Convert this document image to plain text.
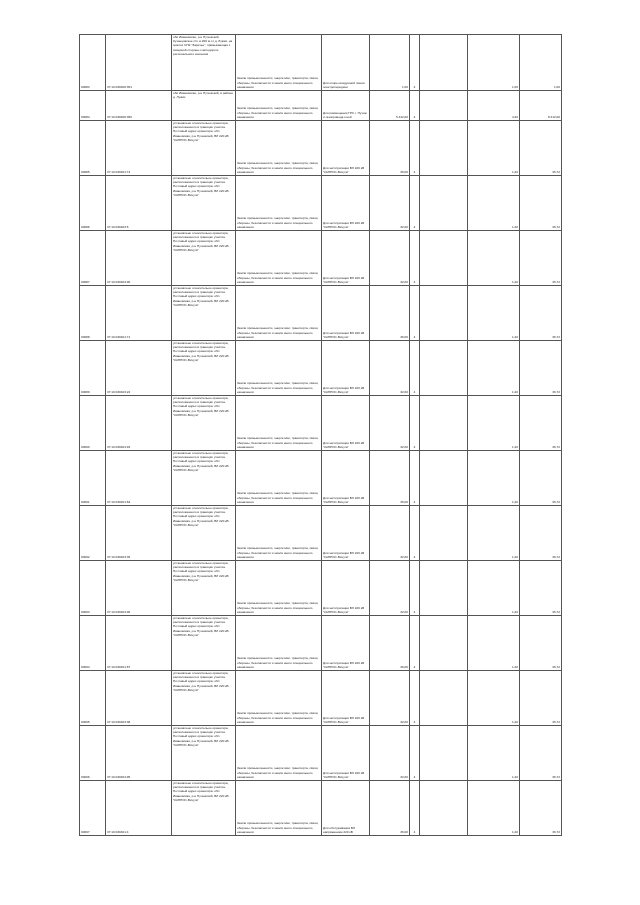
00083	37:10:030406:351	обл Ивановская, р-н Пучежский, Кузнецовское с/п, в 200 м от д. Лужки, на землях СПК "Заречье", примыкающая с северной стороны к автодороге регионального значения	Земли промышленности, энергетики, транспорта, связи, обороны, безопасности и земли иного специального назначения	Для опоры воздушной линии электропередачи	1,00	4		1,00	1,00
00084	37:10:030406:350	обл Ивановская, р-н Пучежский, в районе д. Лужки	Земли промышленности, энергетики, транспорта, связи, обороны, безопасности и земли иного специального назначения	Для размещения ГРС г. Пучеж и газопровода к ней	5 442,00	4		4,20	8 212,00
00085	37:10:030401:74	установлено относительно ориентира, расположенного в границах участка. Почтовый адрес ориентира: обл Ивановская, р-н Пучежский, ВЛ 220 кВ "КАПРОС-Вичуга"	Земли промышленности, энергетики, транспорта, связи, обороны, безопасности и земли иного специального назначения	Для эксплуатации ВЛ 220 кВ "КАПРОС-Вичуга"	36,00	4		1,20	36,72
00086	37:10:030403:6	установлено относительно ориентира, расположенного в границах участка. Почтовый адрес ориентира: обл Ивановская, р-н Пучежский, ВЛ 220 кВ "КАПРОС-Вичуга"	Земли промышленности, энергетики, транспорта, связи, обороны, безопасности и земли иного специального назначения	Для эксплуатации ВЛ 220 кВ "КАПРОС-Вичуга"	32,00	4		1,20	36,72
00087	37:10:030404:90	установлено относительно ориентира, расположенного в границах участка. Почтовый адрес ориентира: обл Ивановская, р-н Пучежский, ВЛ 220 кВ "КАПРОС-Вичуга"	Земли промышленности, энергетики, транспорта, связи, обороны, безопасности и земли иного специального назначения	Для эксплуатации ВЛ 220 кВ "КАПРОС-Вичуга"	32,00	4		1,20	36,72
00088	37:10:030401:71	установлено относительно ориентира, расположенного в границах участка. Почтовый адрес ориентира: обл Ивановская, р-н Пучежский, ВЛ 220 кВ "КАПРОС-Вичуга"	Земли промышленности, энергетики, транспорта, связи, обороны, безопасности и земли иного специального назначения	Для эксплуатации ВЛ 220 кВ "КАПРОС-Вичуга"	36,00	4		1,20	36,72
00089	37:10:030403:22	установлено относительно ориентира, расположенного в границах участка. Почтовый адрес ориентира: обл Ивановская, р-н Пучежский, ВЛ 220 кВ "КАПРОС-Вичуга"	Земли промышленности, энергетики, транспорта, связи, обороны, безопасности и земли иного специального назначения	Для эксплуатации ВЛ 220 кВ "КАПРОС-Вичуга"	32,00	4		1,20	36,72
00090	37:10:030404:93	установлено относительно ориентира, расположенного в границах участка. Почтовый адрес ориентира: обл Ивановская, р-н Пучежский, ВЛ 220 кВ "КАПРОС-Вичуга"	Земли промышленности, энергетики, транспорта, связи, обороны, безопасности и земли иного специального назначения	Для эксплуатации ВЛ 220 кВ "КАПРОС-Вичуга"	32,00	4		1,20	36,72
00091	37:10:030401:84	установлено относительно ориентира, расположенного в границах участка. Почтовый адрес ориентира: обл Ивановская, р-н Пучежский, ВЛ 220 кВ "КАПРОС-Вичуга"	Земли промышленности, энергетики, транспорта, связи, обороны, безопасности и земли иного специального назначения	Для эксплуатации ВЛ 220 кВ "КАПРОС-Вичуга"	36,00	4		1,20	36,72
00092	37:10:030403:35	установлено относительно ориентира, расположенного в границах участка. Почтовый адрес ориентира: обл Ивановская, р-н Пучежский, ВЛ 220 кВ "КАПРОС-Вичуга"	Земли промышленности, энергетики, транспорта, связи, обороны, безопасности и земли иного специального назначения	Для эксплуатации ВЛ 220 кВ "КАПРОС-Вичуга"	32,00	4		1,20	36,72
00093	37:10:030404:96	установлено относительно ориентира, расположенного в границах участка. Почтовый адрес ориентира: обл Ивановская, р-н Пучежский, ВЛ 220 кВ "КАПРОС-Вичуга"	Земли промышленности, энергетики, транспорта, связи, обороны, безопасности и земли иного специального назначения	Для эксплуатации ВЛ 220 кВ "КАПРОС-Вичуга"	32,00	4		1,20	36,72
00094	37:10:030401:87	установлено относительно ориентира, расположенного в границах участка. Почтовый адрес ориентира: обл Ивановская, р-н Пучежский, ВЛ 220 кВ "КАПРОС-Вичуга"	Земли промышленности, энергетики, транспорта, связи, обороны, безопасности и земли иного специального назначения	Для эксплуатации ВЛ 220 кВ "КАПРОС-Вичуга"	36,00	4		1,20	36,72
00095	37:10:030403:38	установлено относительно ориентира, расположенного в границах участка. Почтовый адрес ориентира: обл Ивановская, р-н Пучежский, ВЛ 220 кВ "КАПРОС-Вичуга"	Земли промышленности, энергетики, транспорта, связи, обороны, безопасности и земли иного специального назначения	Для эксплуатации ВЛ 220 кВ "КАПРОС-Вичуга"	32,00	4		1,20	36,72
00096	37:10:030404:95	установлено относительно ориентира, расположенного в границах участка. Почтовый адрес ориентира: обл Ивановская, р-н Пучежский, ВЛ 220 кВ "КАПРОС-Вичуга"	Земли промышленности, энергетики, транспорта, связи, обороны, безопасности и земли иного специального назначения	Для эксплуатации ВЛ 220 кВ "КАПРОС-Вичуга"	32,00	4		1,20	36,72
00097	37:10:030401:4	установлено относительно ориентира, расположенного в границах участка. Почтовый адрес ориентира: обл Ивановская, р-н Пучежский, ВЛ 220 кВ "КАПРОС-Вичуга"	Земли промышленности, энергетики, транспорта, связи, обороны, безопасности и земли иного специального назначения	Для обслуживания ВЛ напряжением 220 кВ	36,00	4		1,20	36,72
